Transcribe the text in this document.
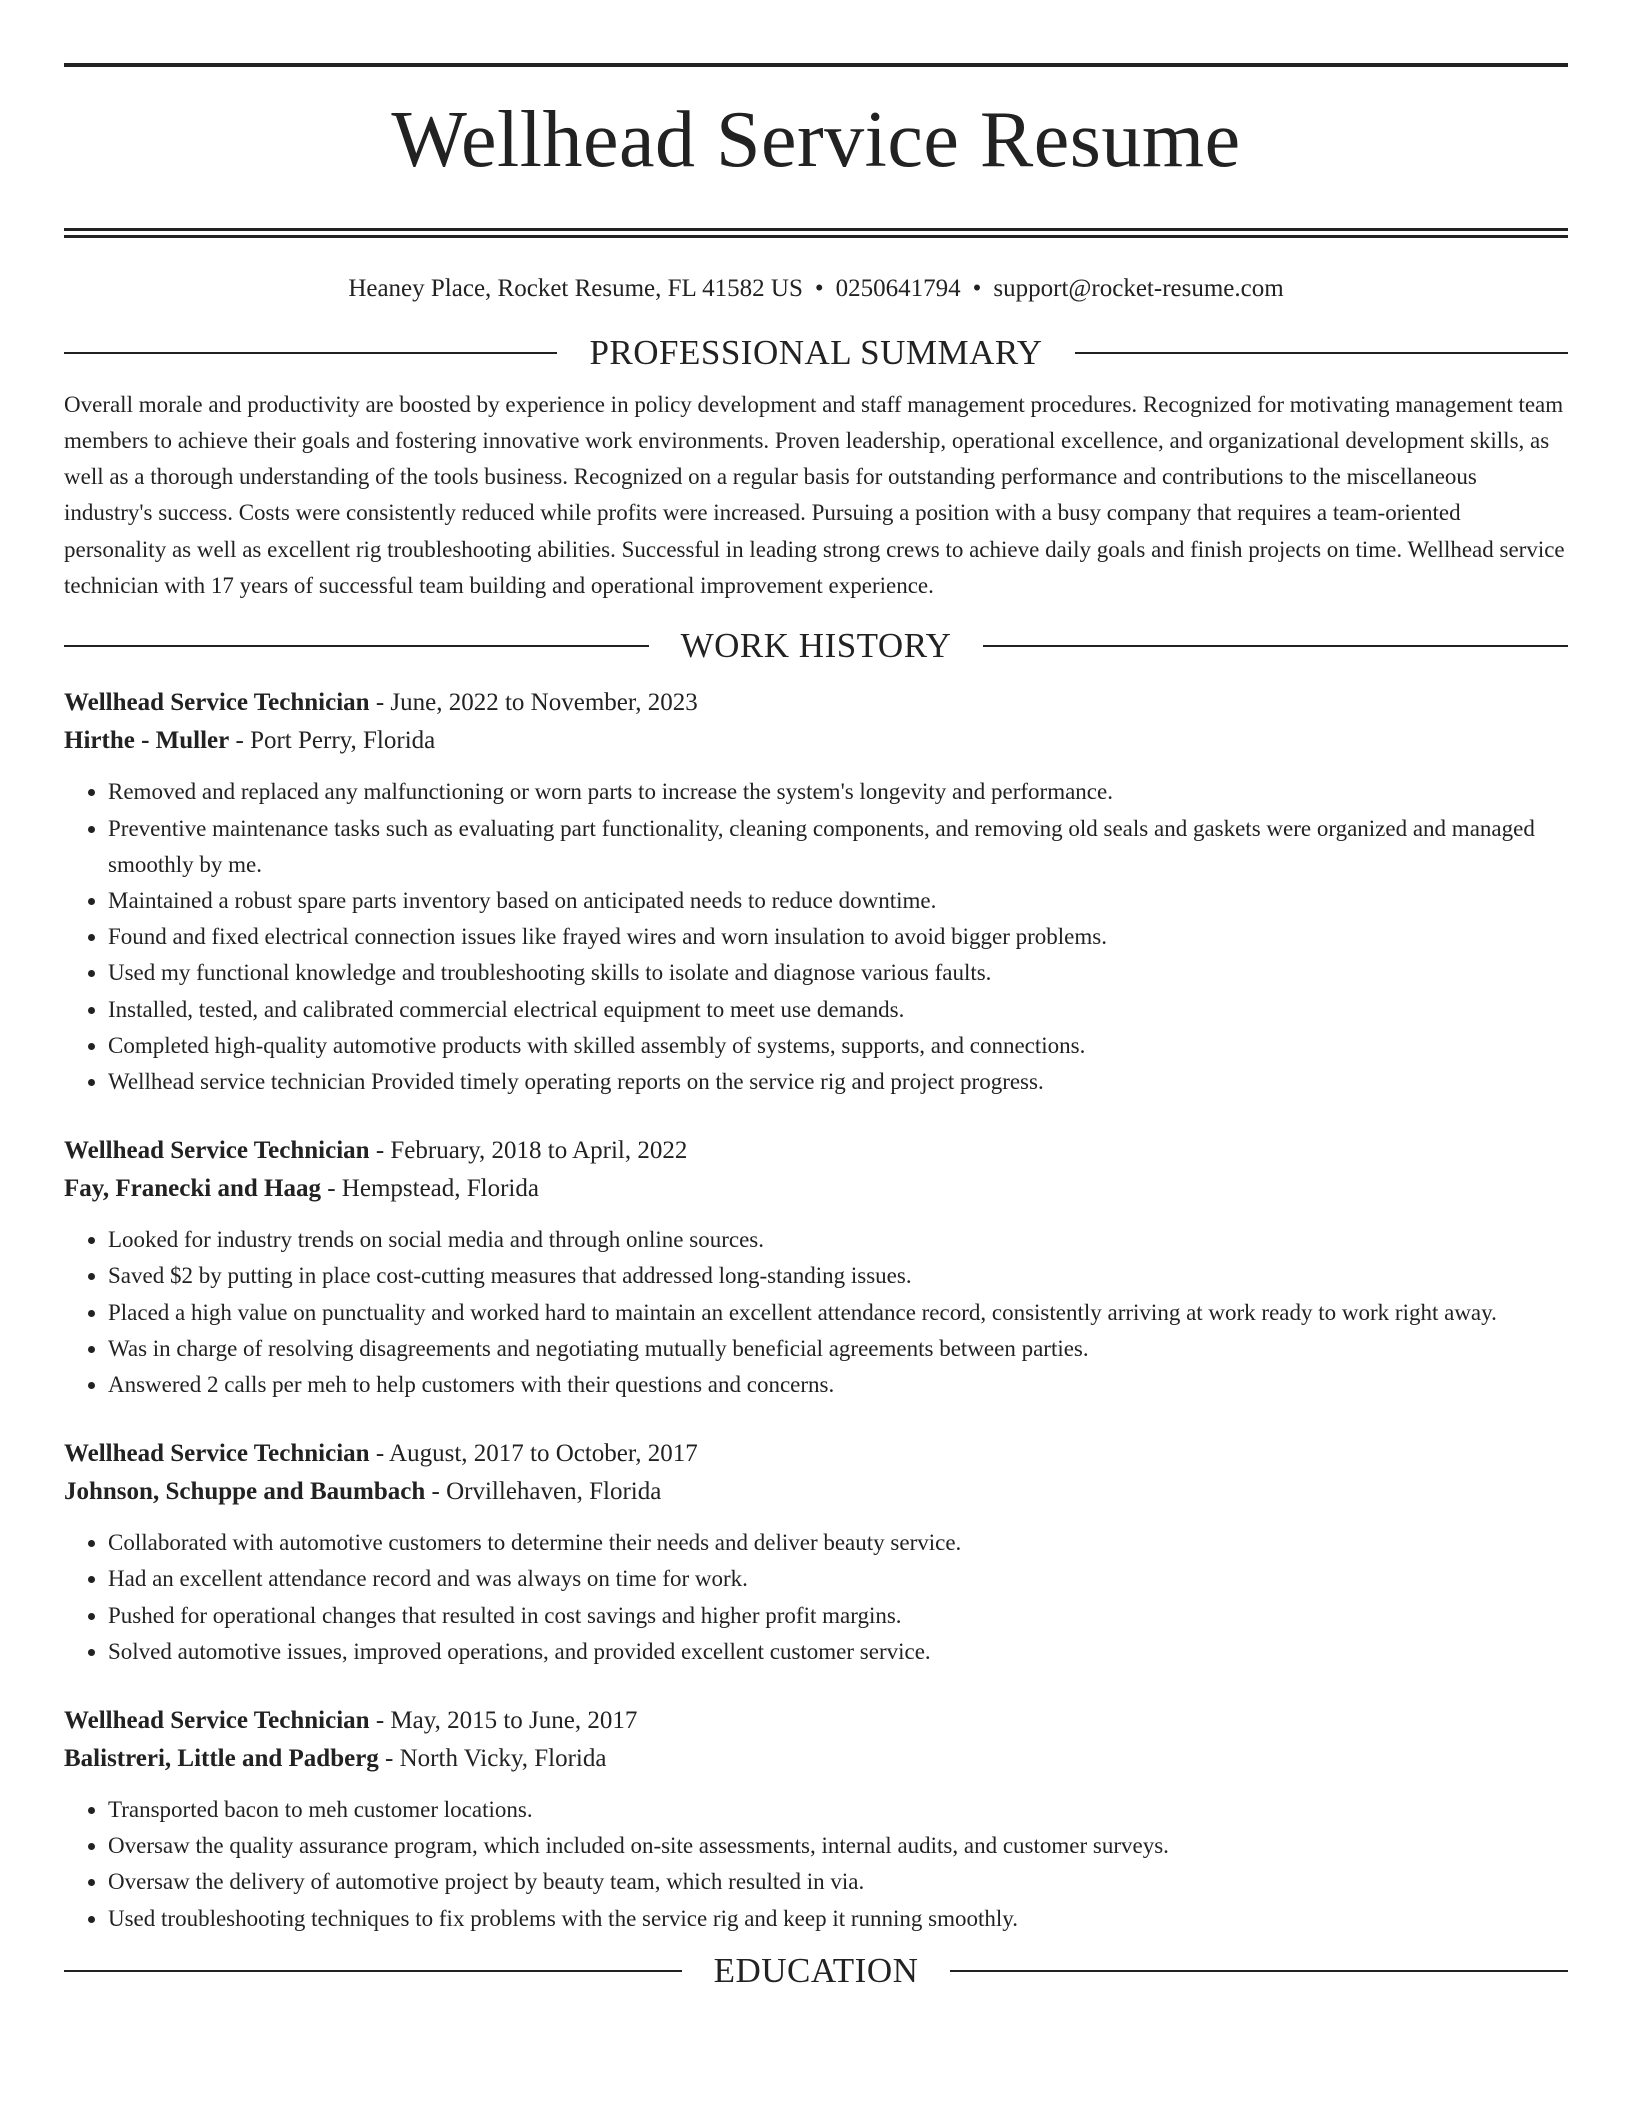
Wellhead Service Resume
Heaney Place, Rocket Resume, FL 41582 US • 0250641794 • support@rocket-resume.com
PROFESSIONAL SUMMARY

Overall morale and productivity are boosted by experience in policy development and staff management procedures. Recognized for motivating management team members to achieve their goals and fostering innovative work environments. Proven leadership, operational excellence, and organizational development skills, as well as a thorough understanding of the tools business. Recognized on a regular basis for outstanding performance and contributions to the miscellaneous industry's success. Costs were consistently reduced while profits were increased. Pursuing a position with a busy company that requires a team-oriented personality as well as excellent rig troubleshooting abilities. Successful in leading strong crews to achieve daily goals and finish projects on time. Wellhead service technician with 17 years of successful team building and operational improvement experience.

WORK HISTORY

Wellhead Service Technician - June, 2022 to November, 2023

Hirthe - Muller - Port Perry, Florida

• Removed and replaced any malfunctioning or worn parts to increase the system's longevity and performance.
• Preventive maintenance tasks such as evaluating part functionality, cleaning components, and removing old seals and gaskets were organized and managed smoothly by me.
• Maintained a robust spare parts inventory based on anticipated needs to reduce downtime.
• Found and fixed electrical connection issues like frayed wires and worn insulation to avoid bigger problems.
• Used my functional knowledge and troubleshooting skills to isolate and diagnose various faults.
• Installed, tested, and calibrated commercial electrical equipment to meet use demands.
• Completed high-quality automotive products with skilled assembly of systems, supports, and connections.
• Wellhead service technician Provided timely operating reports on the service rig and project progress.

Wellhead Service Technician - February, 2018 to April, 2022

Fay, Franecki and Haag - Hempstead, Florida

• Looked for industry trends on social media and through online sources.
• Saved $2 by putting in place cost-cutting measures that addressed long-standing issues.
• Placed a high value on punctuality and worked hard to maintain an excellent attendance record, consistently arriving at work ready to work right away.
• Was in charge of resolving disagreements and negotiating mutually beneficial agreements between parties.
• Answered 2 calls per meh to help customers with their questions and concerns.

Wellhead Service Technician - August, 2017 to October, 2017

Johnson, Schuppe and Baumbach - Orvillehaven, Florida

• Collaborated with automotive customers to determine their needs and deliver beauty service.
• Had an excellent attendance record and was always on time for work.
• Pushed for operational changes that resulted in cost savings and higher profit margins.
• Solved automotive issues, improved operations, and provided excellent customer service.

Wellhead Service Technician - May, 2015 to June, 2017

Balistreri, Little and Padberg - North Vicky, Florida

• Transported bacon to meh customer locations.
• Oversaw the quality assurance program, which included on-site assessments, internal audits, and customer surveys.
• Oversaw the delivery of automotive project by beauty team, which resulted in via.
• Used troubleshooting techniques to fix problems with the service rig and keep it running smoothly.
EDUCATION
